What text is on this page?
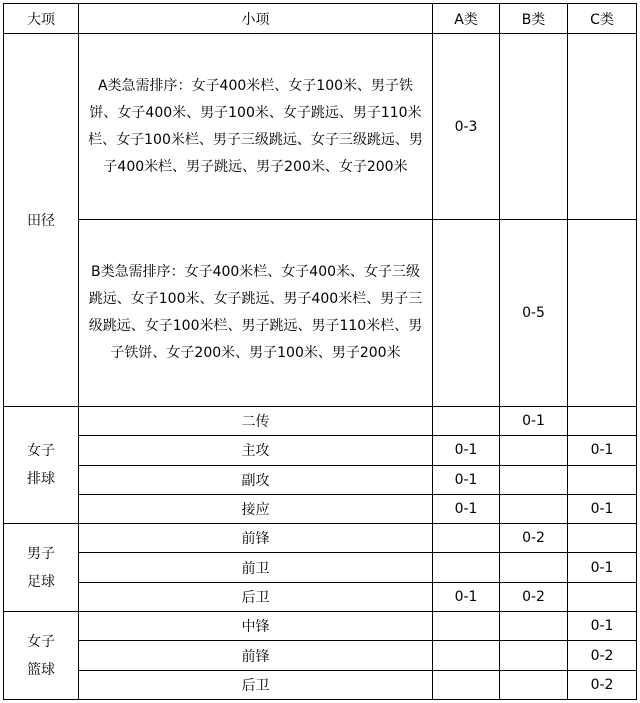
大项	小项	A类	B类	C类
田径	A类急需排序：女子400米栏、女子100米、男子铁饼、女子400米、男子100米、女子跳远、男子110米栏、女子100米栏、男子三级跳远、女子三级跳远、男子400米栏、男子跳远、男子200米、女子200米	0-3		
	B类急需排序：女子400米栏、女子400米、女子三级跳远、女子100米、女子跳远、男子400米栏、男子三级跳远、女子100米栏、男子跳远、男子110米栏、男子铁饼、女子200米、男子100米、男子200米		0-5	

女子
排球	二传		0-1	
	主攻	0-1		0-1
	副攻	0-1		
	接应	0-1		0-1

男子
足球	前锋		0-2	
	前卫			0-1
	后卫	0-1	0-2	

女子
篮球	中锋			0-1
	前锋			0-2
	后卫			0-2
